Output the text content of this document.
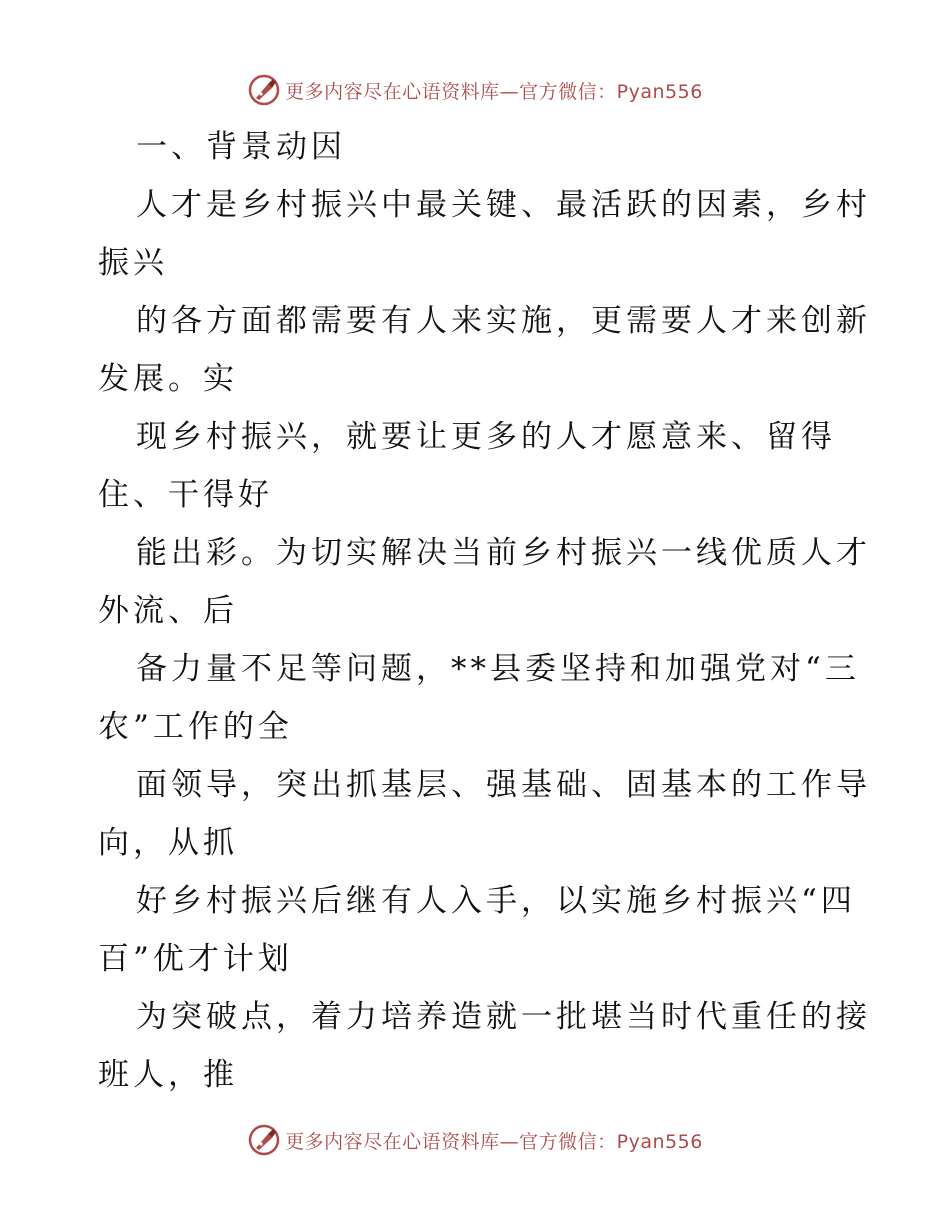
更多内容尽在心语资料库—官方微信：Pyan556
一、背景动因
人才是乡村振兴中最关键、最活跃的因素，乡村
振兴
的各方面都需要有人来实施，更需要人才来创新
发展。实
现乡村振兴，就要让更多的人才愿意来、留得
住、干得好
能出彩。为切实解决当前乡村振兴一线优质人才
外流、后
备力量不足等问题，**县委坚持和加强党对“三
农”工作的全
面领导，突出抓基层、强基础、固基本的工作导
向，从抓
好乡村振兴后继有人入手，以实施乡村振兴“四
百”优才计划
为突破点，着力培养造就一批堪当时代重任的接
班人，推
更多内容尽在心语资料库—官方微信：Pyan556
